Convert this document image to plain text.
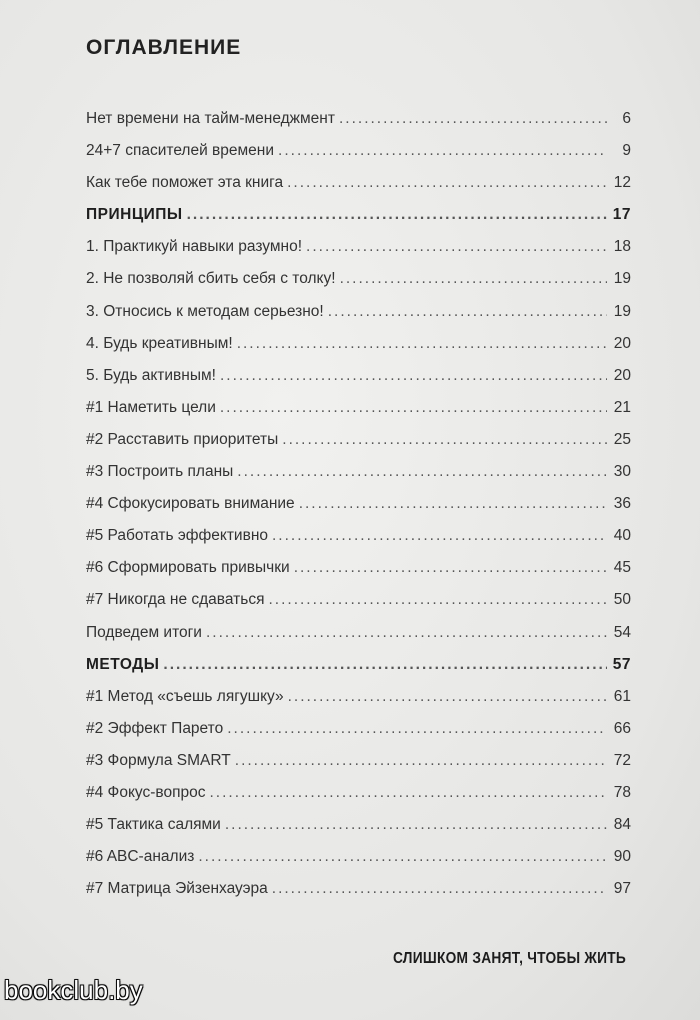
ОГЛАВЛЕНИЕ
Нет времени на тайм-менеджмент .....	6
24+7 спасителей времени .....	9
Как тебе поможет эта книга .....	12
ПРИНЦИПЫ .....	17
1. Практикуй навыки разумно! .....	18
2. Не позволяй сбить себя с толку! .....	19
3. Относись к методам серьезно! .....	19
4. Будь креативным! .....	20
5. Будь активным! .....	20
#1 Наметить цели .....	21
#2 Расставить приоритеты .....	25
#3 Построить планы .....	30
#4 Сфокусировать внимание .....	36
#5 Работать эффективно .....	40
#6 Сформировать привычки .....	45
#7 Никогда не сдаваться .....	50
Подведем итоги .....	54
МЕТОДЫ .....	57
#1 Метод «съешь лягушку» .....	61
#2 Эффект Парето .....	66
#3 Формула SMART .....	72
#4 Фокус-вопрос .....	78
#5 Тактика салями .....	84
#6 ABC-анализ .....	90
#7 Матрица Эйзенхауэра .....	97
СЛИШКОМ ЗАНЯТ, ЧТОБЫ ЖИТЬ
bookclub.by
